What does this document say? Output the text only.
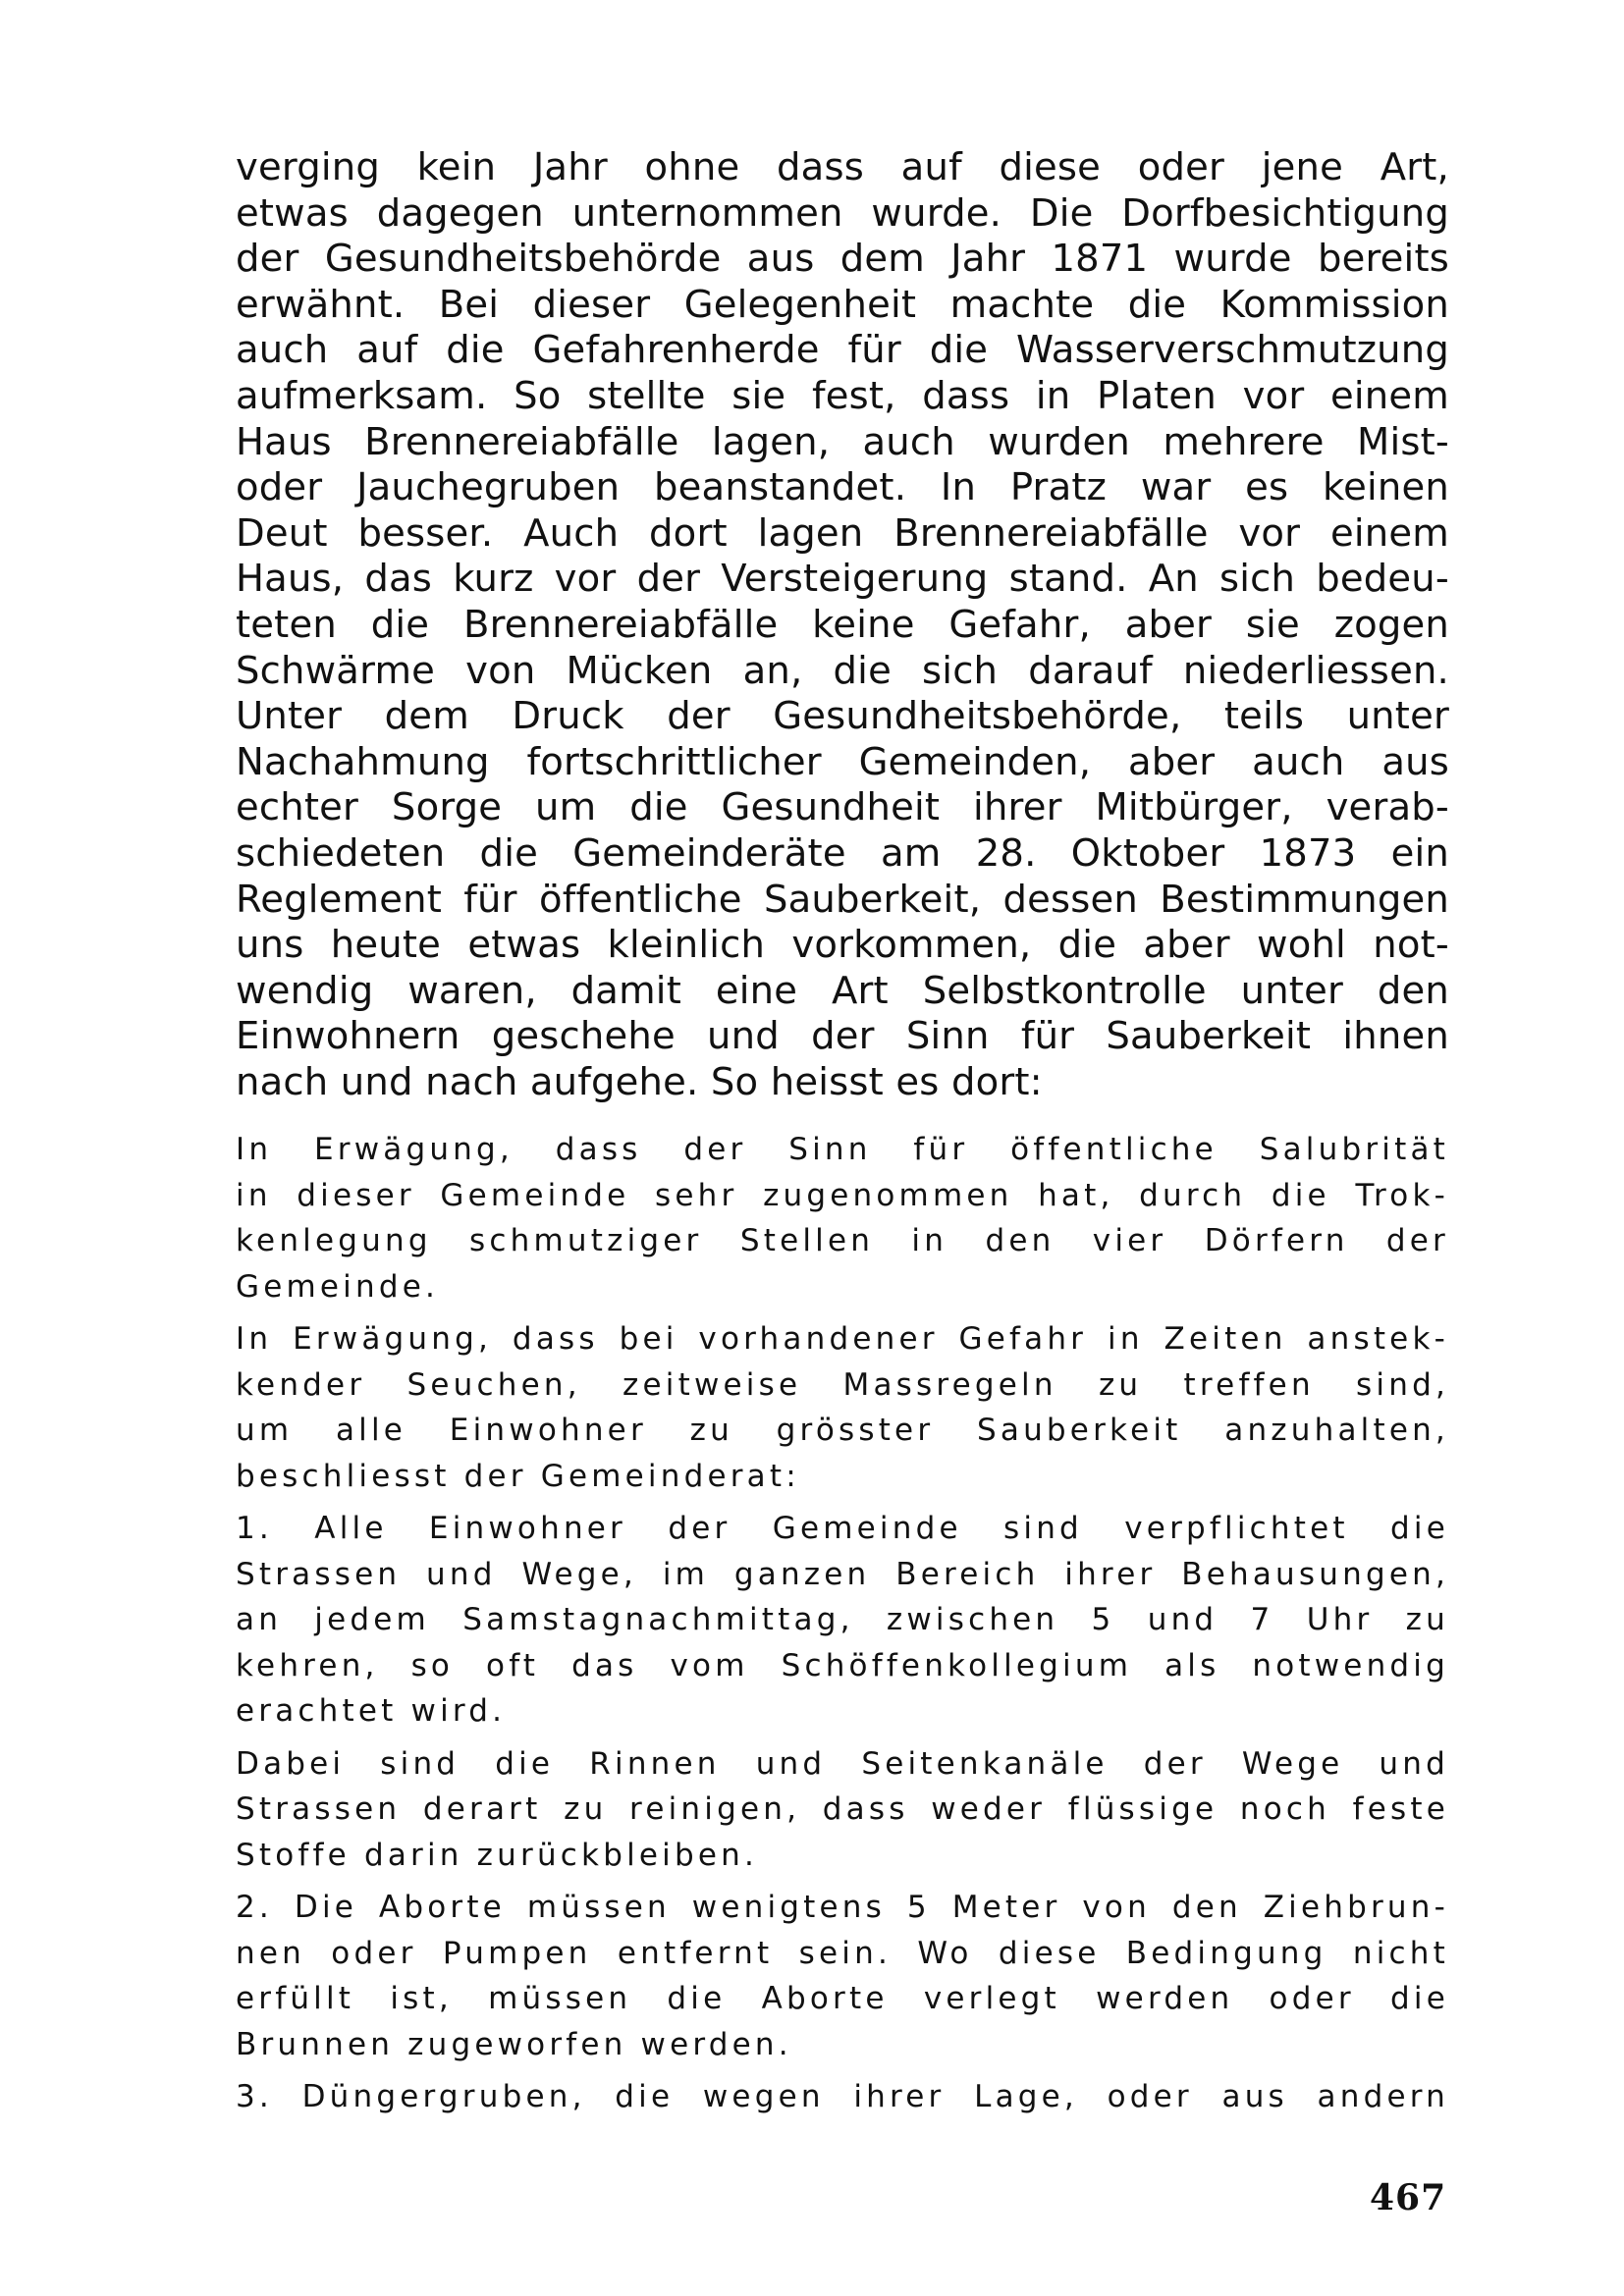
verging kein Jahr ohne dass auf diese oder jene Art,
etwas dagegen unternommen wurde. Die Dorfbesichtigung
der Gesundheitsbehörde aus dem Jahr 1871 wurde bereits
erwähnt. Bei dieser Gelegenheit machte die Kommission
auch auf die Gefahrenherde für die Wasserverschmutzung
aufmerksam. So stellte sie fest, dass in Platen vor einem
Haus Brennereiabfälle lagen, auch wurden mehrere Mist-
oder Jauchegruben beanstandet. In Pratz war es keinen
Deut besser. Auch dort lagen Brennereiabfälle vor einem
Haus, das kurz vor der Versteigerung stand. An sich bedeu-
teten die Brennereiabfälle keine Gefahr, aber sie zogen
Schwärme von Mücken an, die sich darauf niederliessen.
Unter dem Druck der Gesundheitsbehörde, teils unter
Nachahmung fortschrittlicher Gemeinden, aber auch aus
echter Sorge um die Gesundheit ihrer Mitbürger, verab-
schiedeten die Gemeinderäte am 28. Oktober 1873 ein
Reglement für öffentliche Sauberkeit, dessen Bestimmungen
uns heute etwas kleinlich vorkommen, die aber wohl not-
wendig waren, damit eine Art Selbstkontrolle unter den
Einwohnern geschehe und der Sinn für Sauberkeit ihnen
nach und nach aufgehe. So heisst es dort:
In Erwägung, dass der Sinn für öffentliche Salubrität
in dieser Gemeinde sehr zugenommen hat, durch die Trok-
kenlegung schmutziger Stellen in den vier Dörfern der
Gemeinde.
In Erwägung, dass bei vorhandener Gefahr in Zeiten anstek-
kender Seuchen, zeitweise Massregeln zu treffen sind,
um alle Einwohner zu grösster Sauberkeit anzuhalten,
beschliesst der Gemeinderat:
1. Alle Einwohner der Gemeinde sind verpflichtet die
Strassen und Wege, im ganzen Bereich ihrer Behausungen,
an jedem Samstagnachmittag, zwischen 5 und 7 Uhr zu
kehren, so oft das vom Schöffenkollegium als notwendig
erachtet wird.
Dabei sind die Rinnen und Seitenkanäle der Wege und
Strassen derart zu reinigen, dass weder flüssige noch feste
Stoffe darin zurückbleiben.
2. Die Aborte müssen wenigtens 5 Meter von den Ziehbrun-
nen oder Pumpen entfernt sein. Wo diese Bedingung nicht
erfüllt ist, müssen die Aborte verlegt werden oder die
Brunnen zugeworfen werden.
3. Düngergruben, die wegen ihrer Lage, oder aus andern
467
